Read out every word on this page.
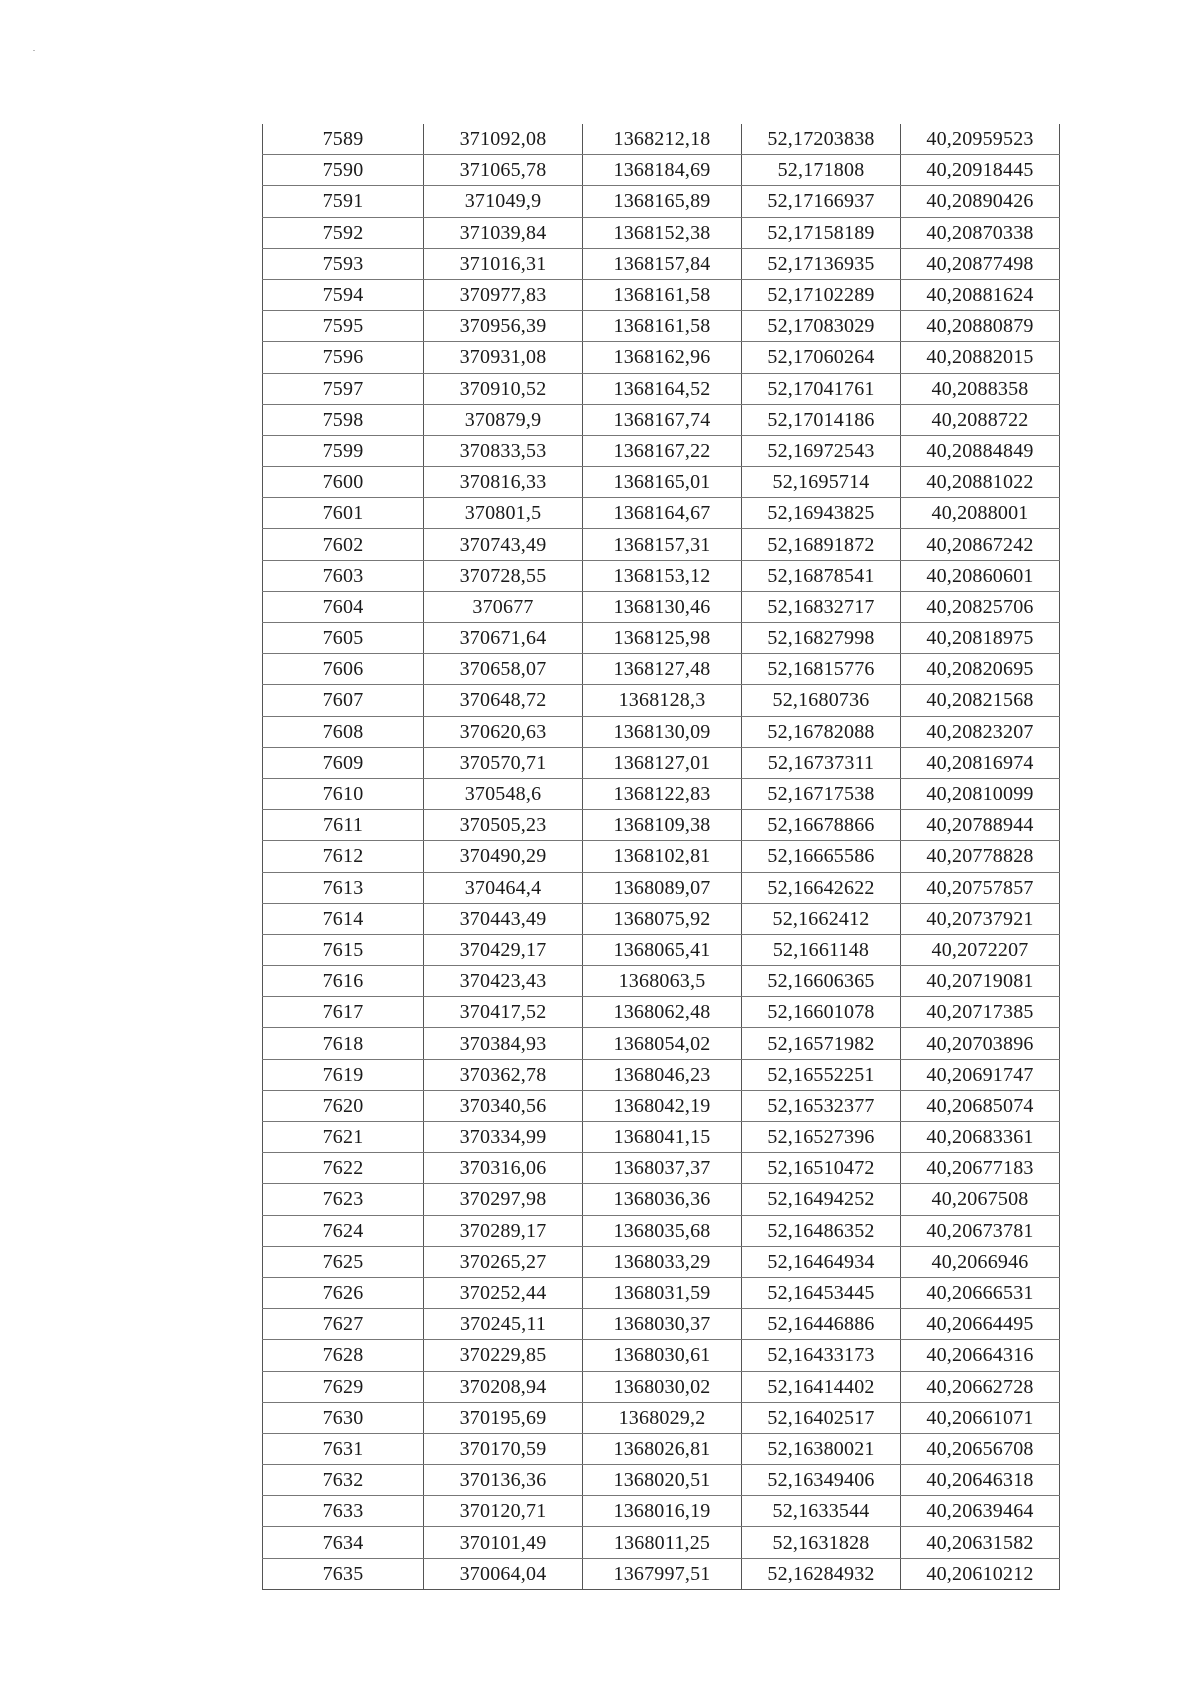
7589	371092,08	1368212,18	52,17203838	40,20959523
7590	371065,78	1368184,69	52,171808	40,20918445
7591	371049,9	1368165,89	52,17166937	40,20890426
7592	371039,84	1368152,38	52,17158189	40,20870338
7593	371016,31	1368157,84	52,17136935	40,20877498
7594	370977,83	1368161,58	52,17102289	40,20881624
7595	370956,39	1368161,58	52,17083029	40,20880879
7596	370931,08	1368162,96	52,17060264	40,20882015
7597	370910,52	1368164,52	52,17041761	40,2088358
7598	370879,9	1368167,74	52,17014186	40,2088722
7599	370833,53	1368167,22	52,16972543	40,20884849
7600	370816,33	1368165,01	52,1695714	40,20881022
7601	370801,5	1368164,67	52,16943825	40,2088001
7602	370743,49	1368157,31	52,16891872	40,20867242
7603	370728,55	1368153,12	52,16878541	40,20860601
7604	370677	1368130,46	52,16832717	40,20825706
7605	370671,64	1368125,98	52,16827998	40,20818975
7606	370658,07	1368127,48	52,16815776	40,20820695
7607	370648,72	1368128,3	52,1680736	40,20821568
7608	370620,63	1368130,09	52,16782088	40,20823207
7609	370570,71	1368127,01	52,16737311	40,20816974
7610	370548,6	1368122,83	52,16717538	40,20810099
7611	370505,23	1368109,38	52,16678866	40,20788944
7612	370490,29	1368102,81	52,16665586	40,20778828
7613	370464,4	1368089,07	52,16642622	40,20757857
7614	370443,49	1368075,92	52,1662412	40,20737921
7615	370429,17	1368065,41	52,1661148	40,2072207
7616	370423,43	1368063,5	52,16606365	40,20719081
7617	370417,52	1368062,48	52,16601078	40,20717385
7618	370384,93	1368054,02	52,16571982	40,20703896
7619	370362,78	1368046,23	52,16552251	40,20691747
7620	370340,56	1368042,19	52,16532377	40,20685074
7621	370334,99	1368041,15	52,16527396	40,20683361
7622	370316,06	1368037,37	52,16510472	40,20677183
7623	370297,98	1368036,36	52,16494252	40,2067508
7624	370289,17	1368035,68	52,16486352	40,20673781
7625	370265,27	1368033,29	52,16464934	40,2066946
7626	370252,44	1368031,59	52,16453445	40,20666531
7627	370245,11	1368030,37	52,16446886	40,20664495
7628	370229,85	1368030,61	52,16433173	40,20664316
7629	370208,94	1368030,02	52,16414402	40,20662728
7630	370195,69	1368029,2	52,16402517	40,20661071
7631	370170,59	1368026,81	52,16380021	40,20656708
7632	370136,36	1368020,51	52,16349406	40,20646318
7633	370120,71	1368016,19	52,1633544	40,20639464
7634	370101,49	1368011,25	52,1631828	40,20631582
7635	370064,04	1367997,51	52,16284932	40,20610212
